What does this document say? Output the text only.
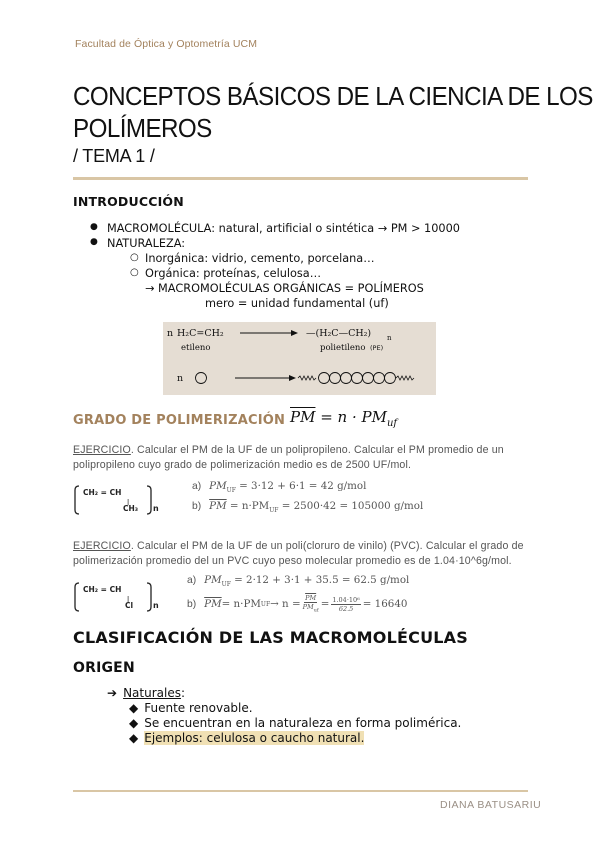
Facultad de Óptica y Optometría UCM
CONCEPTOS BÁSICOS DE LA CIENCIA DE LOS
POLÍMEROS
/ TEMA 1 /
INTRODUCCIÓN
● MACROMOLÉCULA: natural, artificial o sintética → PM > 10000
● NATURALEZA:
○ Inorgánica: vidrio, cemento, porcelana…
○ Orgánica: proteínas, celulosa…
→ MACROMOLÉCULAS ORGÁNICAS = POLÍMEROS
mero = unidad fundamental (uf)
n H₂C=CH₂
etileno
—(H₂C—CH₂) n
polietileno (PE)
n
GRADO DE POLIMERIZACIÓN $\overline{PM} = n \cdot PM_{uf}$
EJERCICIO. Calcular el PM de la UF de un polipropileno. Calcular el PM promedio de un polipropileno cuyo grado de polimerización medio es de 2500 UF/mol.
CH₂ = CH
|
CH₃ n
a) $PM_{UF} = 3\cdot 12 + 6\cdot 1 = 42$ g/mol
b) $\overline{PM} = n\cdot PM_{UF} = 2500\cdot 42 = 105000$ g/mol
EJERCICIO. Calcular el PM de la UF de un poli(cloruro de vinilo) (PVC). Calcular el grado de polimerización promedio del un PVC cuyo peso molecular promedio es de 1.04·10^6g/mol.
CH₂ = CH
|
Cl n
a) $PM_{UF} = 2\cdot 12 + 3\cdot 1 + 35.5 = 62.5$ g/mol
b) $\overline{PM} = n\cdot PM$ UF → n =
$\overline{PM}$
$PM_{uf}$
= $\frac{\text{1.04·10⁶}}{62.5} = 16640$
CLASIFICACIÓN DE LAS MACROMOLÉCULAS
ORIGEN
➔ Naturales:
◆ Fuente renovable.
◆ Se encuentran en la naturaleza en forma polimérica.
◆ Ejemplos: celulosa o caucho natural.
DIANA BATUSARIU
